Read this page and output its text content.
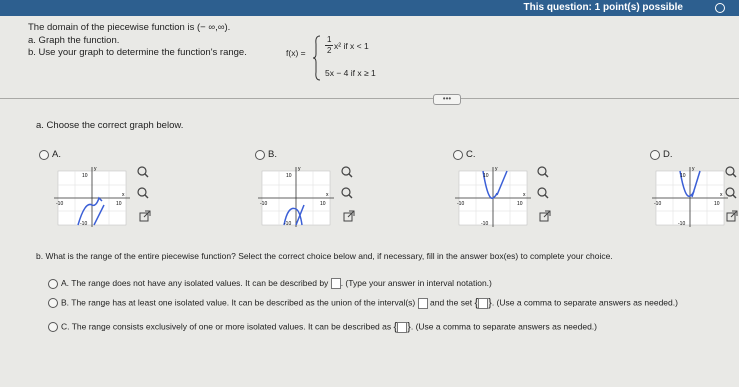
This question: 1 point(s) possible
The domain of the piecewise function is (− ∞,∞).
a. Graph the function.
b. Use your graph to determine the function's range.	f(x) =
1
2 x² if x < 1
5x − 4 if x ≥ 1
•••
a. Choose the correct graph below.
A.
y
10
x
10
-10
-10
B.
y
10
x
10
-10
-10
C.
y
10
x
10
-10
-10
D.
y
10
x
10
-10
-10
b. What is the range of the entire piecewise function? Select the correct choice below and, if necessary, fill in the answer box(es) to complete your choice.
A. The range does not have any isolated values. It can be described by . (Type your answer in interval notation.)
B. The range has at least one isolated value. It can be described as the union of the interval(s) and the set { }. (Use a comma to separate answers as needed.)
C. The range consists exclusively of one or more isolated values. It can be described as { }. (Use a comma to separate answers as needed.)
